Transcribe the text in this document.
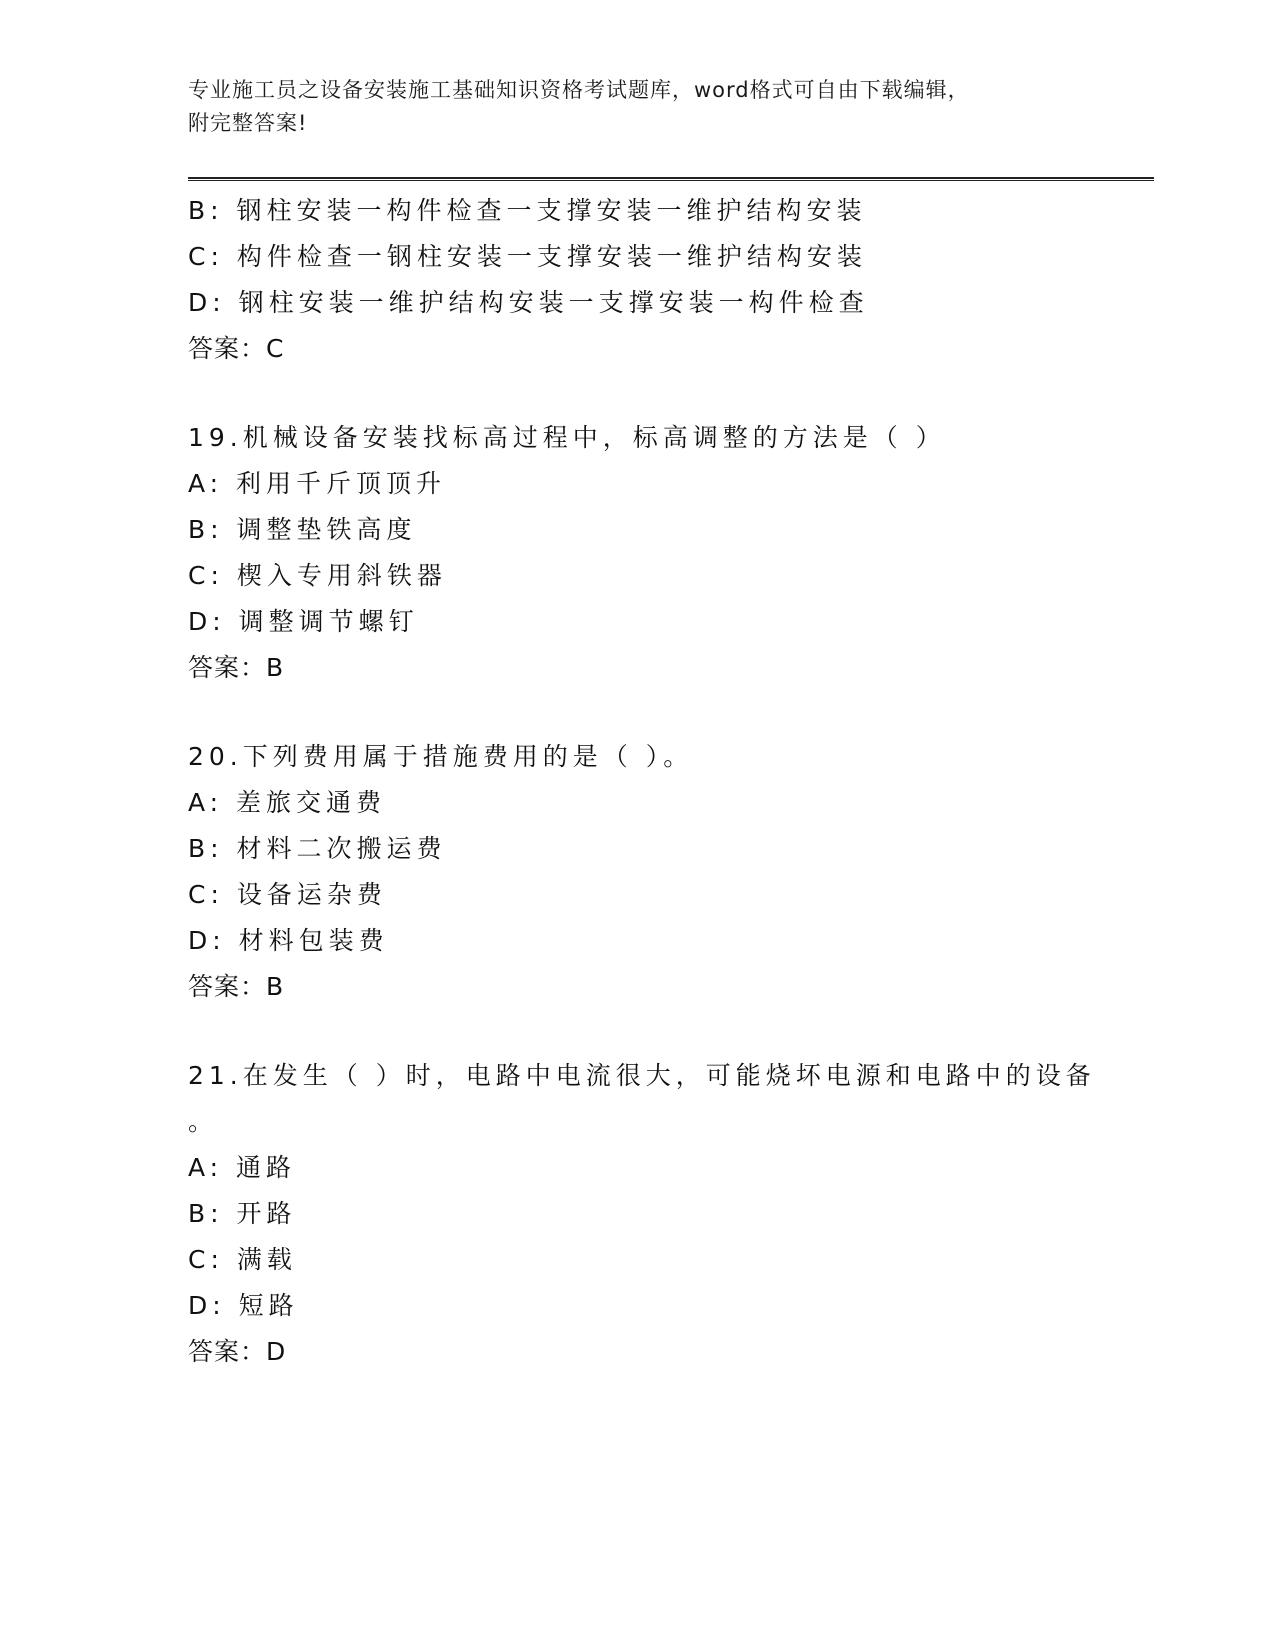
专业施工员之设备安装施工基础知识资格考试题库，word格式可自由下载编辑，
附完整答案!
B: 钢柱安装一构件检查一支撑安装一维护结构安装
C: 构件检查一钢柱安装一支撑安装一维护结构安装
D: 钢柱安装一维护结构安装一支撑安装一构件检查
答案：C
19.机械设备安装找标高过程中，标高调整的方法是（ ）
A: 利用千斤顶顶升
B: 调整垫铁高度
C: 楔入专用斜铁器
D: 调整调节螺钉
答案：B
20.下列费用属于措施费用的是（ ）。
A: 差旅交通费
B: 材料二次搬运费
C: 设备运杂费
D: 材料包装费
答案：B
21.在发生（ ）时，电路中电流很大，可能烧坏电源和电路中的设备
。
A: 通路
B: 开路
C: 满载
D: 短路
答案：D
